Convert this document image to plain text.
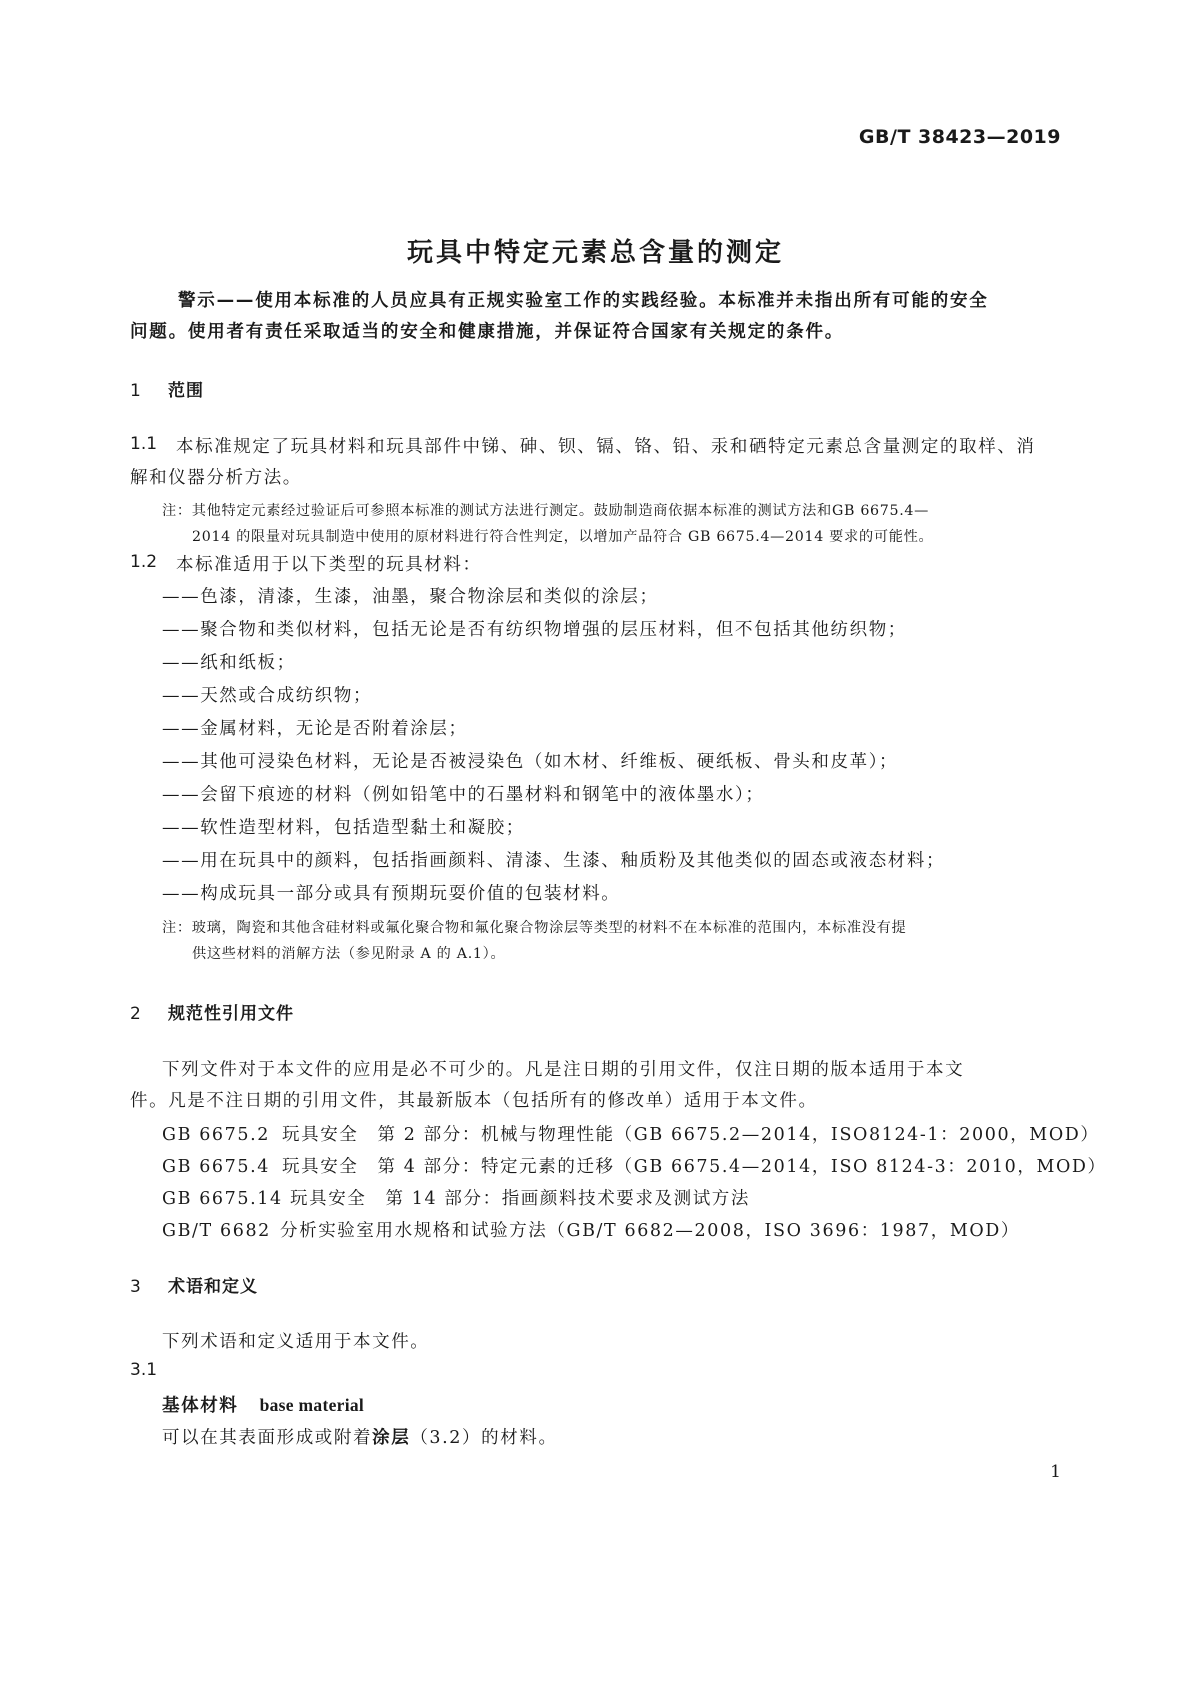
GB/T 38423—2019
玩具中特定元素总含量的测定
警示——使用本标准的人员应具有正规实验室工作的实践经验。本标准并未指出所有可能的安全
问题。使用者有责任采取适当的安全和健康措施，并保证符合国家有关规定的条件。
1 范围
1.1 本标准规定了玩具材料和玩具部件中锑、砷、钡、镉、铬、铅、汞和硒特定元素总含量测定的取样、消
解和仪器分析方法。
注：其他特定元素经过验证后可参照本标准的测试方法进行测定。鼓励制造商依据本标准的测试方法和GB 6675.4—
2014 的限量对玩具制造中使用的原材料进行符合性判定，以增加产品符合 GB 6675.4—2014 要求的可能性。
1.2 本标准适用于以下类型的玩具材料：
——色漆，清漆，生漆，油墨，聚合物涂层和类似的涂层；
——聚合物和类似材料，包括无论是否有纺织物增强的层压材料，但不包括其他纺织物；
——纸和纸板；
——天然或合成纺织物；
——金属材料，无论是否附着涂层；
——其他可浸染色材料，无论是否被浸染色（如木材、纤维板、硬纸板、骨头和皮革）；
——会留下痕迹的材料（例如铅笔中的石墨材料和钢笔中的液体墨水）；
——软性造型材料，包括造型黏土和凝胶；
——用在玩具中的颜料，包括指画颜料、清漆、生漆、釉质粉及其他类似的固态或液态材料；
——构成玩具一部分或具有预期玩耍价值的包装材料。
注：玻璃，陶瓷和其他含硅材料或氟化聚合物和氟化聚合物涂层等类型的材料不在本标准的范围内，本标准没有提
供这些材料的消解方法（参见附录 A 的 A.1）。
2 规范性引用文件
下列文件对于本文件的应用是必不可少的。凡是注日期的引用文件，仅注日期的版本适用于本文
件。凡是不注日期的引用文件，其最新版本（包括所有的修改单）适用于本文件。
GB 6675.2 玩具安全　第 2 部分：机械与物理性能（GB 6675.2—2014，ISO8124-1：2000，MOD）
GB 6675.4 玩具安全　第 4 部分：特定元素的迁移（GB 6675.4—2014，ISO 8124-3：2010，MOD）
GB 6675.14 玩具安全　第 14 部分：指画颜料技术要求及测试方法
GB/T 6682 分析实验室用水规格和试验方法（GB/T 6682—2008，ISO 3696：1987，MOD）
3 术语和定义
下列术语和定义适用于本文件。
3.1
基体材料 base material
可以在其表面形成或附着涂层（3.2）的材料。
1
